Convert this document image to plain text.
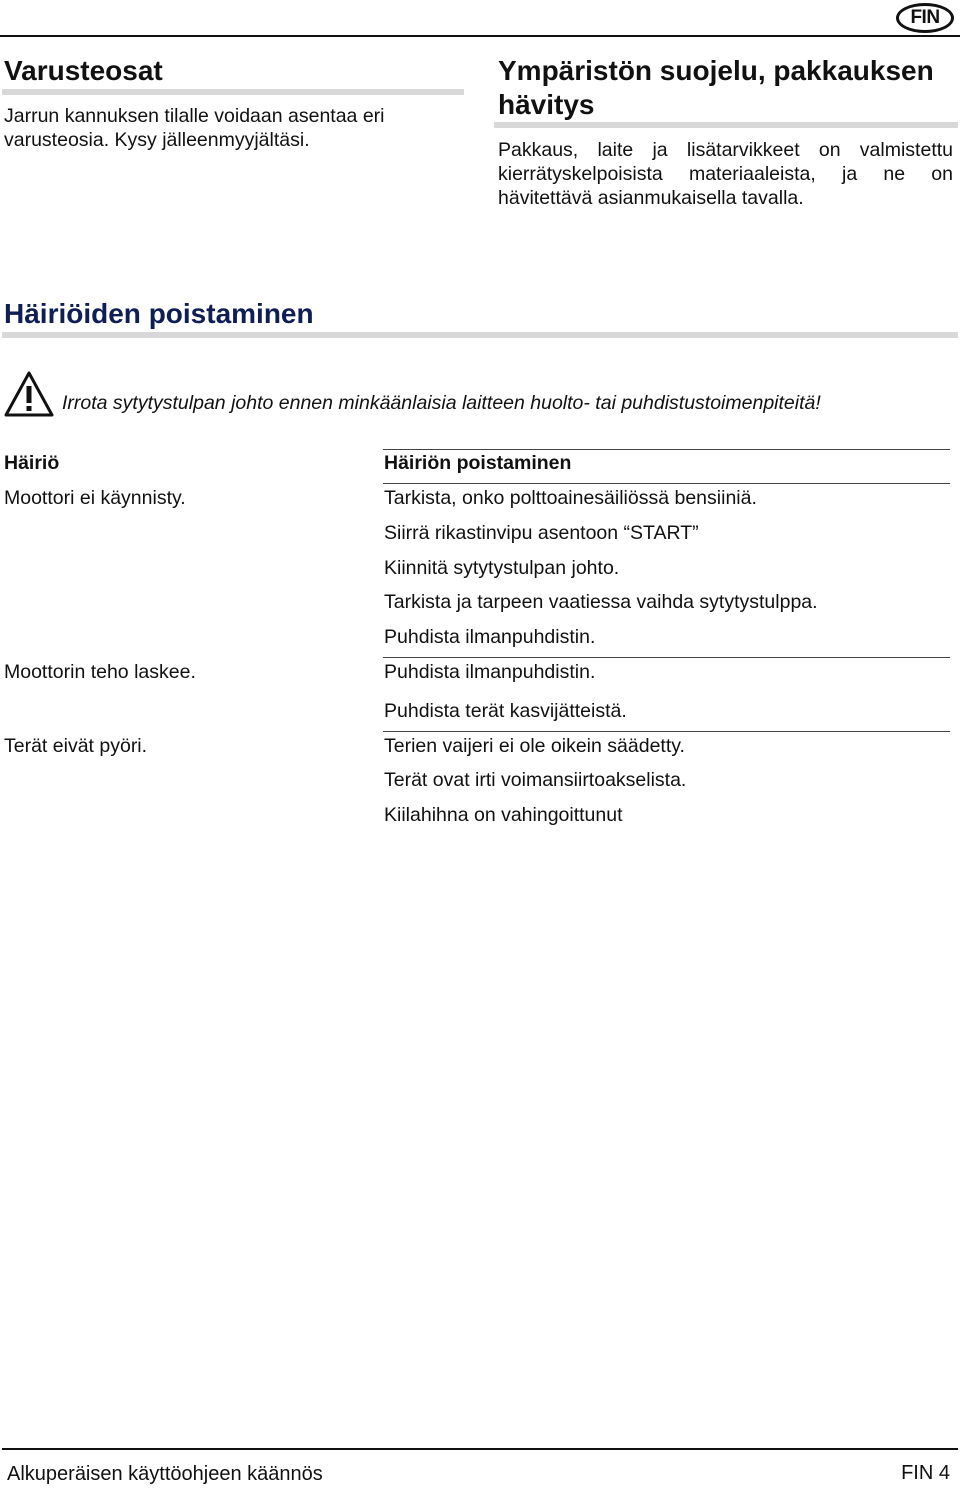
FIN
Varusteosat
Jarrun kannuksen tilalle voidaan asentaa eri
varusteosia. Kysy jälleenmyyjältäsi.
Ympäristön suojelu, pakkauksen
hävitys
Pakkaus, laite ja lisätarvikkeet on valmistettu
kierrätyskelpoisista materiaaleista, ja ne on
hävitettävä asianmukaisella tavalla.
Häiriöiden poistaminen
Irrota sytytystulpan johto ennen minkäänlaisia laitteen huolto- tai puhdistustoimenpiteitä!
Häiriö	Häiriön poistaminen
Moottori ei käynnisty.	Tarkista, onko polttoainesäiliössä bensiiniä.
Siirrä rikastinvipu asentoon “START”
Kiinnitä sytytystulpan johto.
Tarkista ja tarpeen vaatiessa vaihda sytytystulppa.
Puhdista ilmanpuhdistin.
Moottorin teho laskee.	Puhdista ilmanpuhdistin.
Puhdista terät kasvijätteistä.
Terät eivät pyöri.	Terien vaijeri ei ole oikein säädetty.
Terät ovat irti voimansiirtoakselista.
Kiilahihna on vahingoittunut
Alkuperäisen käyttöohjeen käännös	FIN 4
